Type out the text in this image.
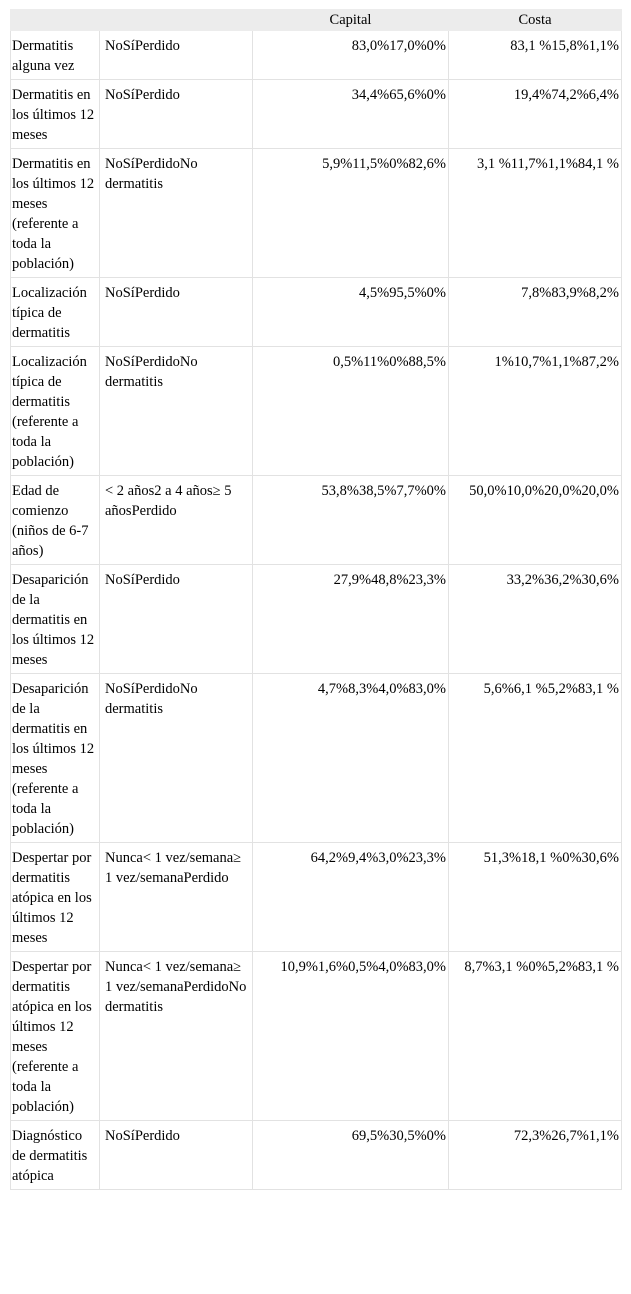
		Capital	Costa
Dermatitis alguna vez	NoSíPerdido	83,0%17,0%0%	83,1 %15,8%1,1%
Dermatitis en los últimos 12 meses	NoSíPerdido	34,4%65,6%0%	19,4%74,2%6,4%
Dermatitis en los últimos 12 meses (referente a toda la población)	NoSíPerdidoNo dermatitis	5,9%11,5%0%82,6%	3,1 %11,7%1,1%84,1 %
Localización típica de dermatitis	NoSíPerdido	4,5%95,5%0%	7,8%83,9%8,2%
Localización típica de dermatitis (referente a toda la población)	NoSíPerdidoNo dermatitis	0,5%11%0%88,5%	1%10,7%1,1%87,2%
Edad de comienzo (niños de 6-7 años)	< 2 años2 a 4 años≥ 5 añosPerdido	53,8%38,5%7,7%0%	50,0%10,0%20,0%20,0%
Desaparición de la dermatitis en los últimos 12 meses	NoSíPerdido	27,9%48,8%23,3%	33,2%36,2%30,6%
Desaparición de la dermatitis en los últimos 12 meses (referente a toda la población)	NoSíPerdidoNo dermatitis	4,7%8,3%4,0%83,0%	5,6%6,1 %5,2%83,1 %
Despertar por dermatitis atópica en los últimos 12 meses	Nunca< 1 vez/semana≥ 1 vez/semanaPerdido	64,2%9,4%3,0%23,3%	51,3%18,1 %0%30,6%
Despertar por dermatitis atópica en los últimos 12 meses (referente a toda la población)	Nunca< 1 vez/semana≥ 1 vez/semanaPerdidoNo dermatitis	10,9%1,6%0,5%4,0%83,0%	8,7%3,1 %0%5,2%83,1 %
Diagnóstico de dermatitis atópica	NoSíPerdido	69,5%30,5%0%	72,3%26,7%1,1%
